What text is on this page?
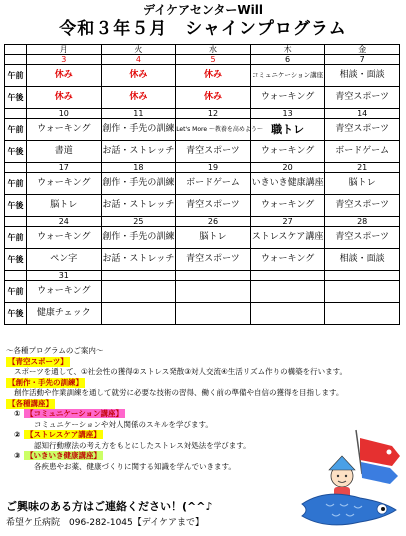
デイケアセンターWill
令和３年５月　シャインプログラム
	月	火	水	木	金
	3	4	5	6	7
午前	休み	休み	休み	コミュニケーション講座	相談・面談
午後	休み	休み	休み	ウォーキング	青空スポーツ
	10	11	12	13	14
午前	ウォーキング	創作・手先の訓練	Let's More ～教養を高めよう～	職トレ	青空スポーツ
午後	書道	お話・ストレッチ	青空スポーツ	ウォーキング	ボードゲーム
	17	18	19	20	21
午前	ウォーキング	創作・手先の訓練	ボードゲーム	いきいき健康講座	脳トレ
午後	脳トレ	お話・ストレッチ	青空スポーツ	ウォーキング	青空スポーツ
	24	25	26	27	28
午前	ウォーキング	創作・手先の訓練	脳トレ	ストレスケア講座	青空スポーツ
午後	ペン字	お話・ストレッチ	青空スポーツ	ウォーキング	相談・面談
	31				
午前	ウォーキング				
午後	健康チェック				
～各種プログラムのご案内～
【青空スポーツ】
スポーツを通して、①社会性の獲得②ストレス発散③対人交流④生活リズム作りの構築を行います。
【創作・手先の訓練】
創作活動や作業訓練を通して就労に必要な技術の習得、働く前の準備や自信の獲得を目指します。
【各種講座】
① 【コミュニケーション講座】
コミュニケーションや対人関係のスキルを学びます。
② 【ストレスケア講座】
認知行動療法の考え方をもとにしたストレス対処法を学びます。
③ 【いきいき健康講座】
各疾患やお薬、健康づくりに関する知識を学んでいきます。
ご興味のある方はご連絡ください！(^^♪
希望ケ丘病院　096-282-1045【デイケアまで】
